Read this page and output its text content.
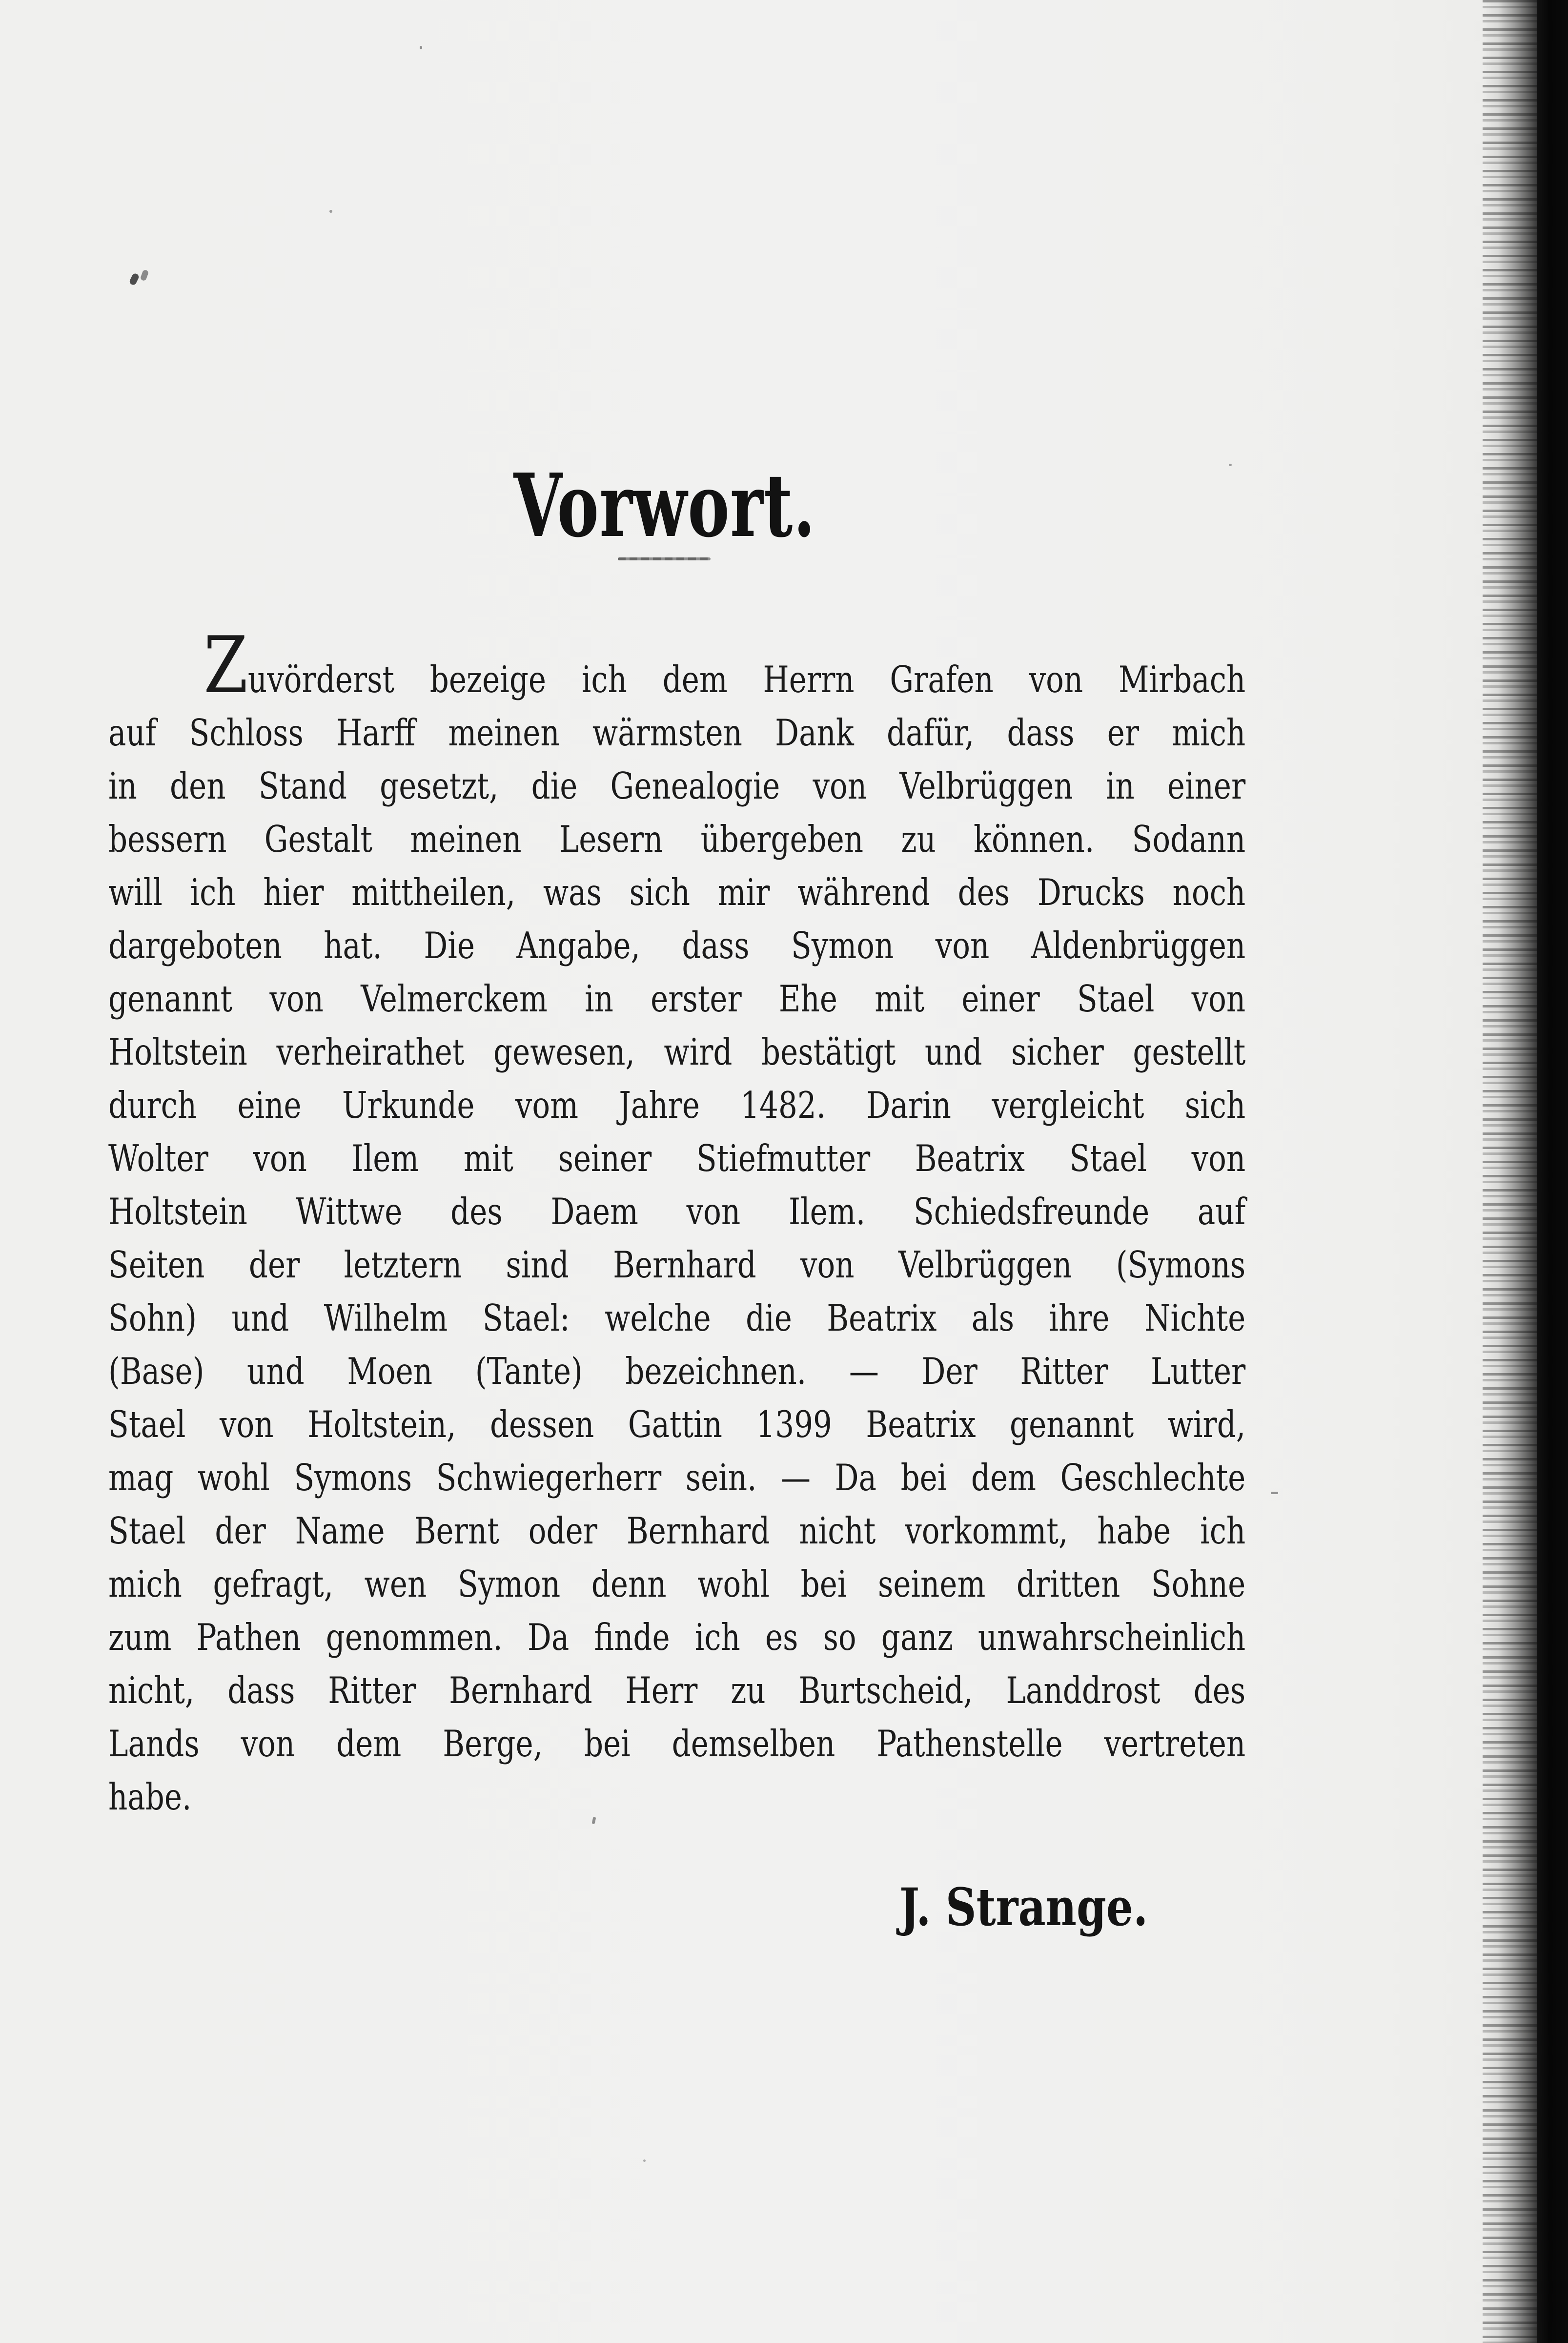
Vorwort.
Zuvörderst bezeige ich dem Herrn Grafen von Mirbach
auf Schloss Harff meinen wärmsten Dank dafür, dass er mich
in den Stand gesetzt, die Genealogie von Velbrüggen in einer
bessern Gestalt meinen Lesern übergeben zu können. Sodann
will ich hier mittheilen, was sich mir während des Drucks noch
dargeboten hat. Die Angabe, dass Symon von Aldenbrüggen
genannt von Velmerckem in erster Ehe mit einer Stael von
Holtstein verheirathet gewesen, wird bestätigt und sicher gestellt
durch eine Urkunde vom Jahre 1482. Darin vergleicht sich
Wolter von Ilem mit seiner Stiefmutter Beatrix Stael von
Holtstein Wittwe des Daem von Ilem. Schiedsfreunde auf
Seiten der letztern sind Bernhard von Velbrüggen (Symons
Sohn) und Wilhelm Stael: welche die Beatrix als ihre Nichte
(Base) und Moen (Tante) bezeichnen. — Der Ritter Lutter
Stael von Holtstein, dessen Gattin 1399 Beatrix genannt wird,
mag wohl Symons Schwiegerherr sein. — Da bei dem Geschlechte
Stael der Name Bernt oder Bernhard nicht vorkommt, habe ich
mich gefragt, wen Symon denn wohl bei seinem dritten Sohne
zum Pathen genommen. Da finde ich es so ganz unwahrscheinlich
nicht, dass Ritter Bernhard Herr zu Burtscheid, Landdrost des
Lands von dem Berge, bei demselben Pathenstelle vertreten
habe.
J. Strange.
